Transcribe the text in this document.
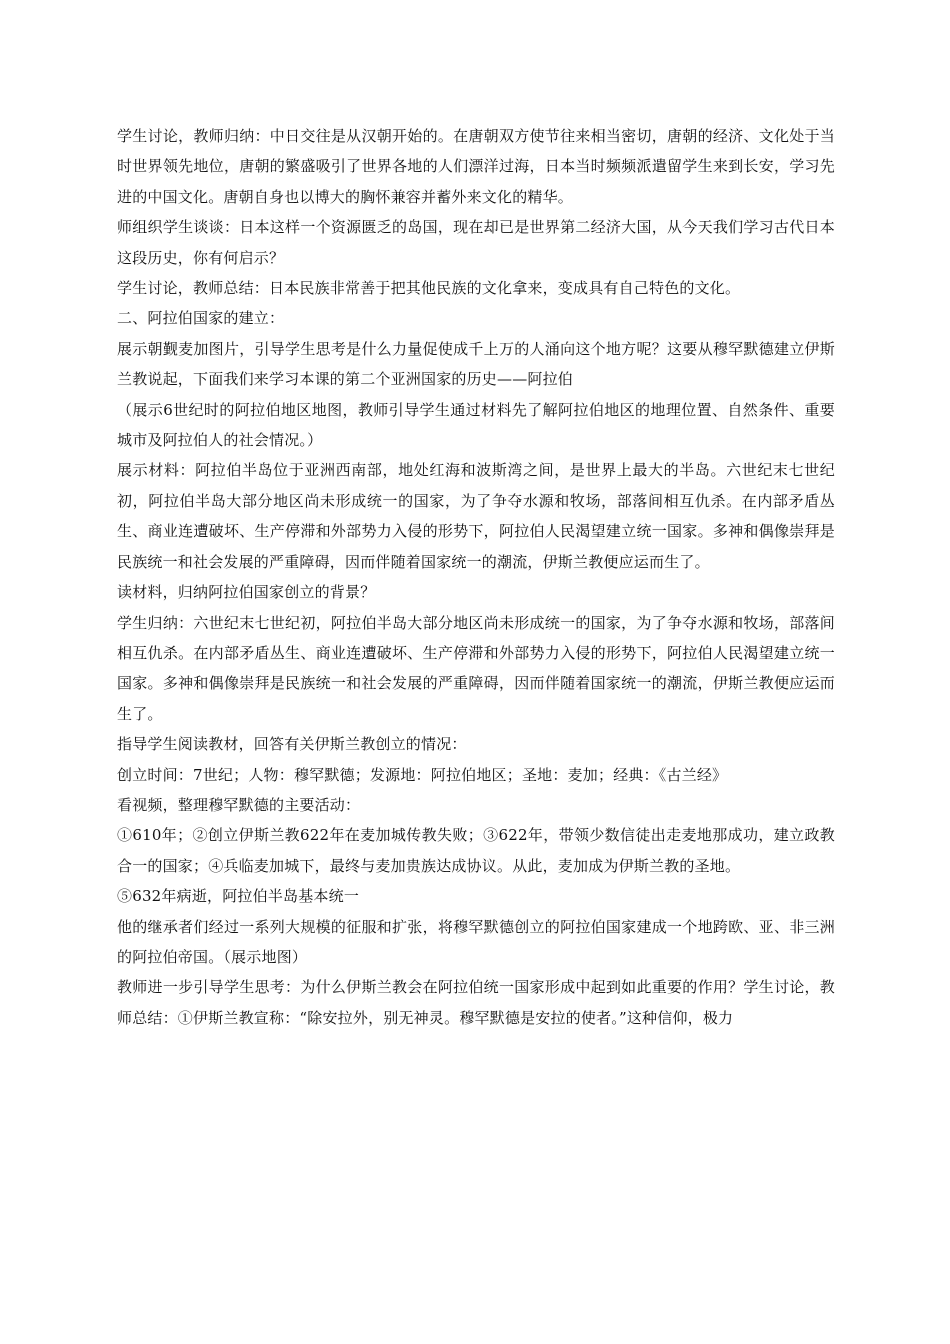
学生讨论，教师归纳：中日交往是从汉朝开始的。在唐朝双方使节往来相当密切，唐朝的经济、文化处于当时世界领先地位，唐朝的繁盛吸引了世界各地的人们漂洋过海，日本当时频频派遣留学生来到长安，学习先进的中国文化。唐朝自身也以博大的胸怀兼容并蓄外来文化的精华。

师组织学生谈谈：日本这样一个资源匮乏的岛国，现在却已是世界第二经济大国，从今天我们学习古代日本这段历史，你有何启示？

学生讨论，教师总结：日本民族非常善于把其他民族的文化拿来，变成具有自己特色的文化。

二、阿拉伯国家的建立：

展示朝觐麦加图片，引导学生思考是什么力量促使成千上万的人涌向这个地方呢？这要从穆罕默德建立伊斯兰教说起，下面我们来学习本课的第二个亚洲国家的历史——阿拉伯

（展示6世纪时的阿拉伯地区地图，教师引导学生通过材料先了解阿拉伯地区的地理位置、自然条件、重要城市及阿拉伯人的社会情况。）

展示材料：阿拉伯半岛位于亚洲西南部，地处红海和波斯湾之间，是世界上最大的半岛。六世纪末七世纪初，阿拉伯半岛大部分地区尚未形成统一的国家，为了争夺水源和牧场，部落间相互仇杀。在内部矛盾丛生、商业连遭破坏、生产停滞和外部势力入侵的形势下，阿拉伯人民渴望建立统一国家。多神和偶像崇拜是民族统一和社会发展的严重障碍，因而伴随着国家统一的潮流，伊斯兰教便应运而生了。

读材料，归纳阿拉伯国家创立的背景？

学生归纳：六世纪末七世纪初，阿拉伯半岛大部分地区尚未形成统一的国家，为了争夺水源和牧场，部落间相互仇杀。在内部矛盾丛生、商业连遭破坏、生产停滞和外部势力入侵的形势下，阿拉伯人民渴望建立统一国家。多神和偶像崇拜是民族统一和社会发展的严重障碍，因而伴随着国家统一的潮流，伊斯兰教便应运而生了。

指导学生阅读教材，回答有关伊斯兰教创立的情况：

创立时间：7世纪；人物：穆罕默德；发源地：阿拉伯地区；圣地：麦加；经典：《古兰经》

看视频，整理穆罕默德的主要活动：

①610年；②创立伊斯兰教622年在麦加城传教失败；③622年，带领少数信徒出走麦地那成功，建立政教合一的国家；④兵临麦加城下，最终与麦加贵族达成协议。从此，麦加成为伊斯兰教的圣地。

⑤632年病逝，阿拉伯半岛基本统一

他的继承者们经过一系列大规模的征服和扩张，将穆罕默德创立的阿拉伯国家建成一个地跨欧、亚、非三洲的阿拉伯帝国。（展示地图）

教师进一步引导学生思考：为什么伊斯兰教会在阿拉伯统一国家形成中起到如此重要的作用？学生讨论，教师总结：①伊斯兰教宣称：“除安拉外，别无神灵。穆罕默德是安拉的使者。”这种信仰，极力
